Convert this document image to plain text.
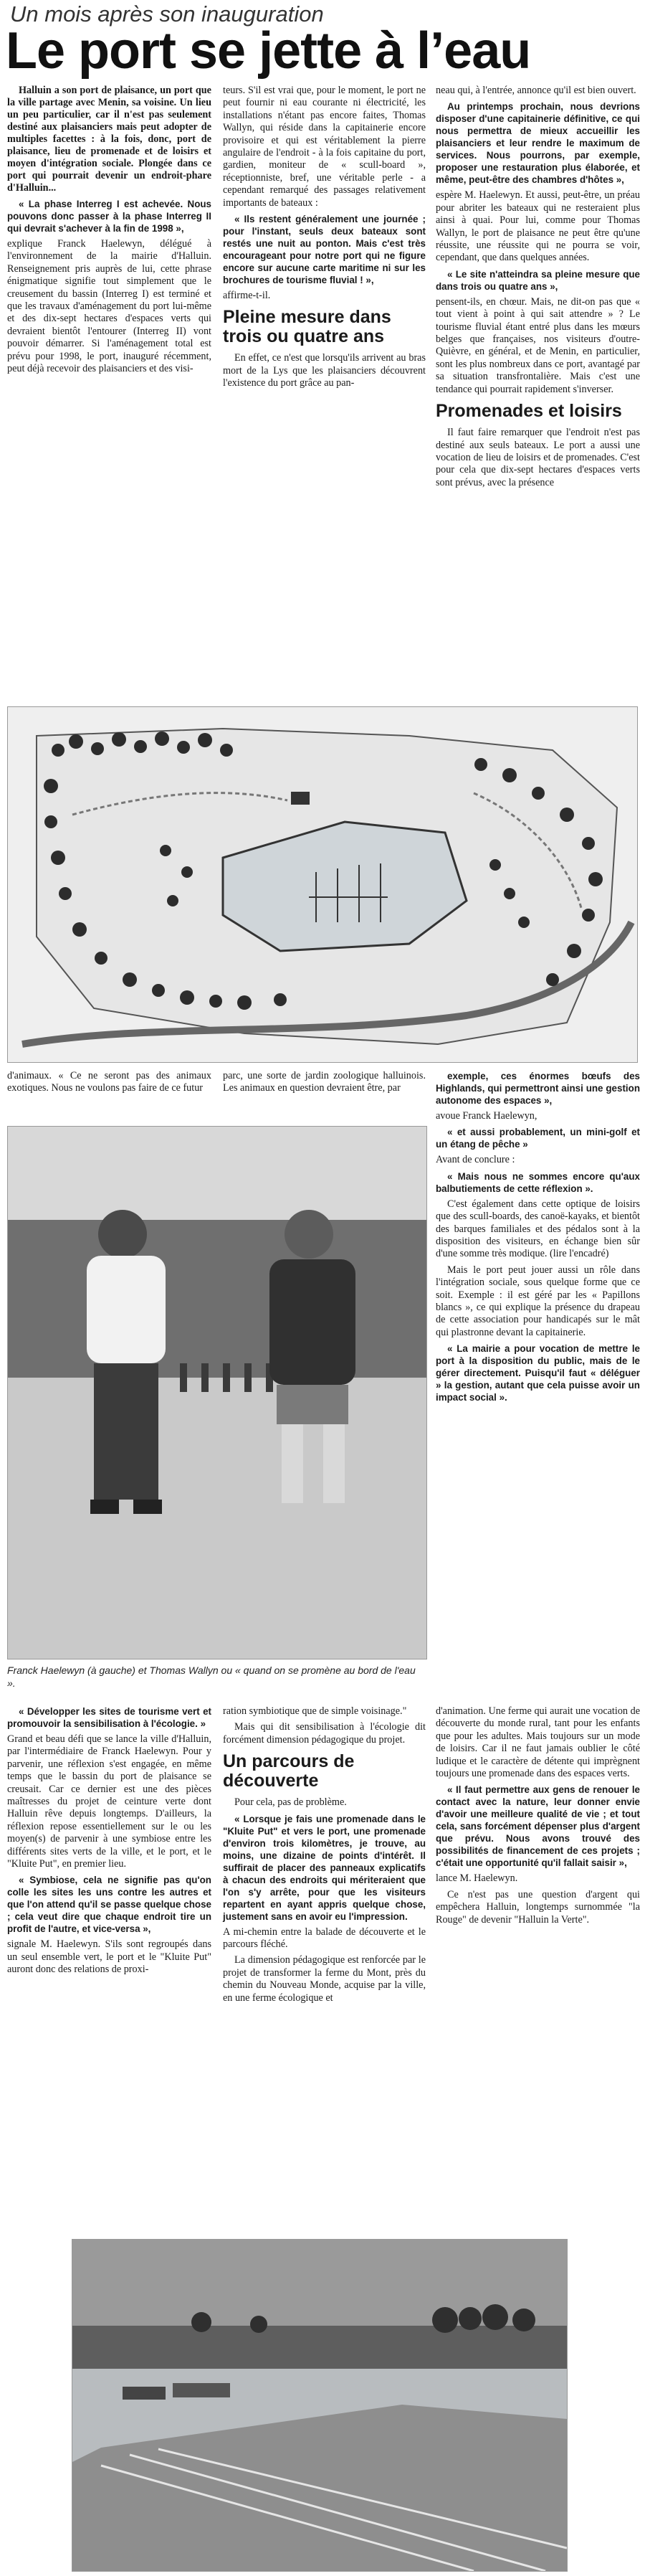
Un mois après son inauguration
Le port se jette à l’eau

Halluin a son port de plaisance, un port que la ville partage avec Menin, sa voisine. Un lieu un peu particulier, car il n'est pas seulement destiné aux plaisanciers mais peut adopter de multiples facettes : à la fois, donc, port de plaisance, lieu de promenade et de loisirs et moyen d'intégration sociale. Plongée dans ce port qui pourrait devenir un endroit-phare d'Halluin...

« La phase Interreg I est achevée. Nous pouvons donc passer à la phase Interreg II qui devrait s'achever à la fin de 1998 »,

explique Franck Haelewyn, délégué à l'environnement de la mairie d'Halluin. Renseignement pris auprès de lui, cette phrase énigmatique signifie tout simplement que le creusement du bassin (Interreg I) est terminé et que les travaux d'aménagement du port lui-même et des dix-sept hectares d'espaces verts qui devraient bientôt l'entourer (Interreg II) vont pouvoir démarrer. Si l'aménagement total est prévu pour 1998, le port, inauguré récemment, peut déjà recevoir des plaisanciers et des visi-

teurs. S'il est vrai que, pour le moment, le port ne peut fournir ni eau courante ni électricité, les installations n'étant pas encore faites, Thomas Wallyn, qui réside dans la capitainerie encore provisoire et qui est véritablement la pierre angulaire de l'endroit - à la fois capitaine du port, gardien, moniteur de « scull-board », réceptionniste, bref, une véritable perle - a cependant remarqué des passages relativement importants de bateaux :

« Ils restent généralement une journée ; pour l'instant, seuls deux bateaux sont restés une nuit au ponton. Mais c'est très encourageant pour notre port qui ne figure encore sur aucune carte maritime ni sur les brochures de tourisme fluvial ! »,

affirme-t-il.

Pleine mesure dans trois ou quatre ans

En effet, ce n'est que lorsqu'ils arrivent au bras mort de la Lys que les plaisanciers découvrent l'existence du port grâce au pan-

neau qui, à l'entrée, annonce qu'il est bien ouvert.

Au printemps prochain, nous devrions disposer d'une capitainerie définitive, ce qui nous permettra de mieux accueillir les plaisanciers et leur rendre le maximum de services. Nous pourrons, par exemple, proposer une restauration plus élaborée, et même, peut-être des chambres d'hôtes »,

espère M. Haelewyn. Et aussi, peut-être, un préau pour abriter les bateaux qui ne resteraient plus ainsi à quai. Pour lui, comme pour Thomas Wallyn, le port de plaisance ne peut être qu'une réussite, une réussite qui ne pourra se voir, cependant, que dans quelques années.

« Le site n'atteindra sa pleine mesure que dans trois ou quatre ans »,

pensent-ils, en chœur. Mais, ne dit-on pas que « tout vient à point à qui sait attendre » ? Le tourisme fluvial étant entré plus dans les mœurs belges que françaises, nos visiteurs d'outre-Quièvre, en général, et de Menin, en particulier, sont les plus nombreux dans ce port, avantagé par sa situation transfrontalière. Mais c'est une tendance qui pourrait rapidement s'inverser.

Promenades et loisirs

Il faut faire remarquer que l'endroit n'est pas destiné aux seuls bateaux. Le port a aussi une vocation de lieu de loisirs et de promenades. C'est pour cela que dix-sept hectares d'espaces verts sont prévus, avec la présence

d'animaux. « Ce ne seront pas des animaux exotiques. Nous ne voulons pas faire de ce futur

parc, une sorte de jardin zoologique halluinois. Les animaux en question devraient être, par

Franck Haelewyn (à gauche) et Thomas Wallyn ou « quand on se promène au bord de l'eau ».

exemple, ces énormes bœufs des Highlands, qui permettront ainsi une gestion autonome des espaces »,

avoue Franck Haelewyn,

« et aussi probablement, un mini-golf et un étang de pêche »

Avant de conclure :

« Mais nous ne sommes encore qu'aux balbutiements de cette réflexion ».

C'est également dans cette optique de loisirs que des scull-boards, des canoë-kayaks, et bientôt des barques familiales et des pédalos sont à la disposition des visiteurs, en échange bien sûr d'une somme très modique. (lire l'encadré)

Mais le port peut jouer aussi un rôle dans l'intégration sociale, sous quelque forme que ce soit. Exemple : il est géré par les « Papillons blancs », ce qui explique la présence du drapeau de cette association pour handicapés sur le mât qui plastronne devant la capitainerie.

« La mairie a pour vocation de mettre le port à la disposition du public, mais de le gérer directement. Puisqu'il faut « déléguer » la gestion, autant que cela puisse avoir un impact social ».

« Développer les sites de tourisme vert et promouvoir la sensibilisation à l'écologie. »

Grand et beau défi que se lance la ville d'Halluin, par l'intermédiaire de Franck Haelewyn. Pour y parvenir, une réflexion s'est engagée, en même temps que le bassin du port de plaisance se creusait. Car ce dernier est une des pièces maîtresses du projet de ceinture verte dont Halluin rêve depuis longtemps. D'ailleurs, la réflexion repose essentiellement sur le ou les moyen(s) de parvenir à une symbiose entre les différents sites verts de la ville, et le port, et le "Kluite Put", en premier lieu.

« Symbiose, cela ne signifie pas qu'on colle les sites les uns contre les autres et que l'on attend qu'il se passe quelque chose ; cela veut dire que chaque endroit tire un profit de l'autre, et vice-versa »,

signale M. Haelewyn. S'ils sont regroupés dans un seul ensemble vert, le port et le "Kluite Put" auront donc des relations de proxi-

ration symbiotique que de simple voisinage."

Mais qui dit sensibilisation à l'écologie dit forcément dimension pédagogique du projet.

Un parcours de découverte

Pour cela, pas de problème.

« Lorsque je fais une promenade dans le "Kluite Put" et vers le port, une promenade d'environ trois kilomètres, je trouve, au moins, une dizaine de points d'intérêt. Il suffirait de placer des panneaux explicatifs à chacun des endroits qui mériteraient que l'on s'y arrête, pour que les visiteurs repartent en ayant appris quelque chose, justement sans en avoir eu l'impression.

A mi-chemin entre la balade de découverte et le parcours fléché.

La dimension pédagogique est renforcée par le projet de transformer la ferme du Mont, près du chemin du Nouveau Monde, acquise par la ville, en une ferme écologique et

d'animation. Une ferme qui aurait une vocation de découverte du monde rural, tant pour les enfants que pour les adultes. Mais toujours sur un mode de loisirs. Car il ne faut jamais oublier le côté ludique et le caractère de détente qui imprègnent toujours une promenade dans des espaces verts.

« Il faut permettre aux gens de renouer le contact avec la nature, leur donner envie d'avoir une meilleure qualité de vie ; et tout cela, sans forcément dépenser plus d'argent que prévu. Nous avons trouvé des possibilités de financement de ces projets ; c'était une opportunité qu'il fallait saisir »,

lance M. Haelewyn.

Ce n'est pas une question d'argent qui empêchera Halluin, longtemps surnommée "la Rouge" de devenir "Halluin la Verte".
